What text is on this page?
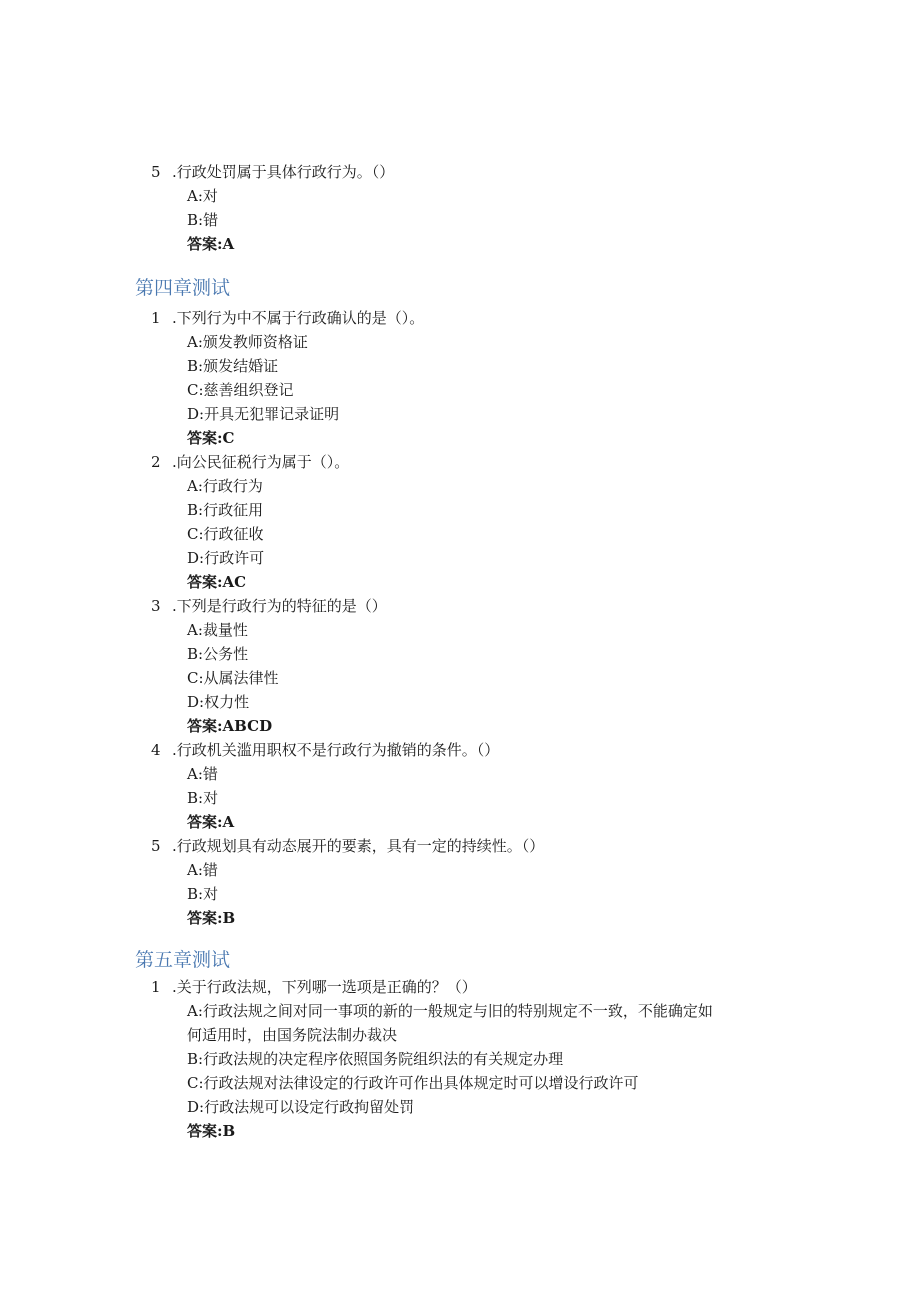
5 .行政处罚属于具体行政行为。（）
A:对
B:错
答案:A
第四章测试
1 .下列行为中不属于行政确认的是（）。
A:颁发教师资格证
B:颁发结婚证
C:慈善组织登记
D:开具无犯罪记录证明
答案:C
2 .向公民征税行为属于（）。
A:行政行为
B:行政征用
C:行政征收
D:行政许可
答案:AC
3 .下列是行政行为的特征的是（）
A:裁量性
B:公务性
C:从属法律性
D:权力性
答案:ABCD
4 .行政机关滥用职权不是行政行为撤销的条件。（）
A:错
B:对
答案:A
5 .行政规划具有动态展开的要素，具有一定的持续性。（）
A:错
B:对
答案:B
第五章测试
1 .关于行政法规，下列哪一选项是正确的？（）
A:行政法规之间对同一事项的新的一般规定与旧的特别规定不一致，不能确定如
何适用时，由国务院法制办裁决
B:行政法规的决定程序依照国务院组织法的有关规定办理
C:行政法规对法律设定的行政许可作出具体规定时可以增设行政许可
D:行政法规可以设定行政拘留处罚
答案:B
